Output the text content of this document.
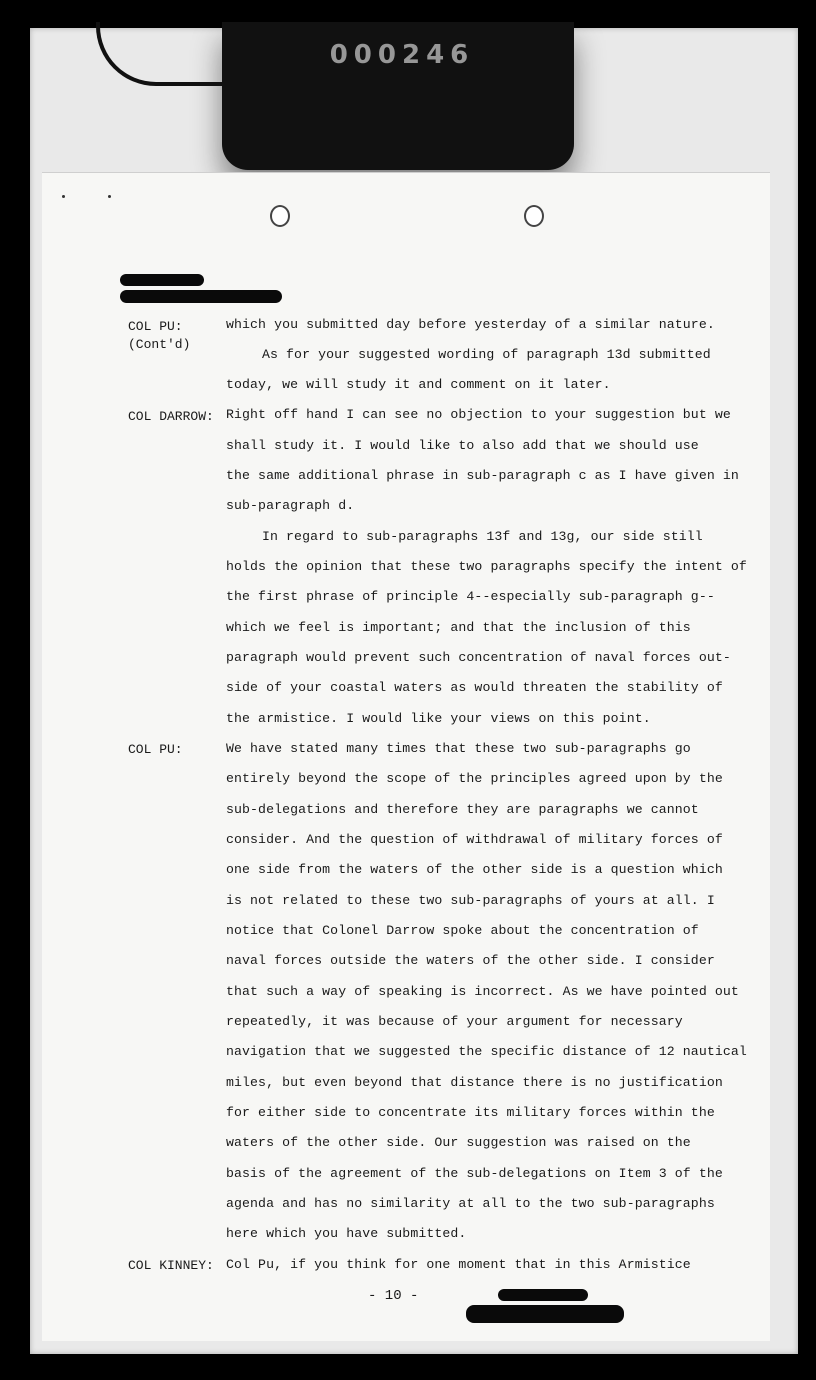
000246
COL PU:
(Cont'd)
COL DARROW:
COL PU:
COL KINNEY:
which you submitted day before yesterday of a similar nature.
As for your suggested wording of paragraph 13d submitted
today, we will study it and comment on it later.
Right off hand I can see no objection to your suggestion but we
shall study it. I would like to also add that we should use
the same additional phrase in sub-paragraph c as I have given in
sub-paragraph d.
In regard to sub-paragraphs 13f and 13g, our side still
holds the opinion that these two paragraphs specify the intent of
the first phrase of principle 4--especially sub-paragraph g--
which we feel is important; and that the inclusion of this
paragraph would prevent such concentration of naval forces out-
side of your coastal waters as would threaten the stability of
the armistice. I would like your views on this point.
We have stated many times that these two sub-paragraphs go
entirely beyond the scope of the principles agreed upon by the
sub-delegations and therefore they are paragraphs we cannot
consider. And the question of withdrawal of military forces of
one side from the waters of the other side is a question which
is not related to these two sub-paragraphs of yours at all. I
notice that Colonel Darrow spoke about the concentration of
naval forces outside the waters of the other side. I consider
that such a way of speaking is incorrect. As we have pointed out
repeatedly, it was because of your argument for necessary
navigation that we suggested the specific distance of 12 nautical
miles, but even beyond that distance there is no justification
for either side to concentrate its military forces within the
waters of the other side. Our suggestion was raised on the
basis of the agreement of the sub-delegations on Item 3 of the
agenda and has no similarity at all to the two sub-paragraphs
here which you have submitted.
Col Pu, if you think for one moment that in this Armistice
- 10 -
